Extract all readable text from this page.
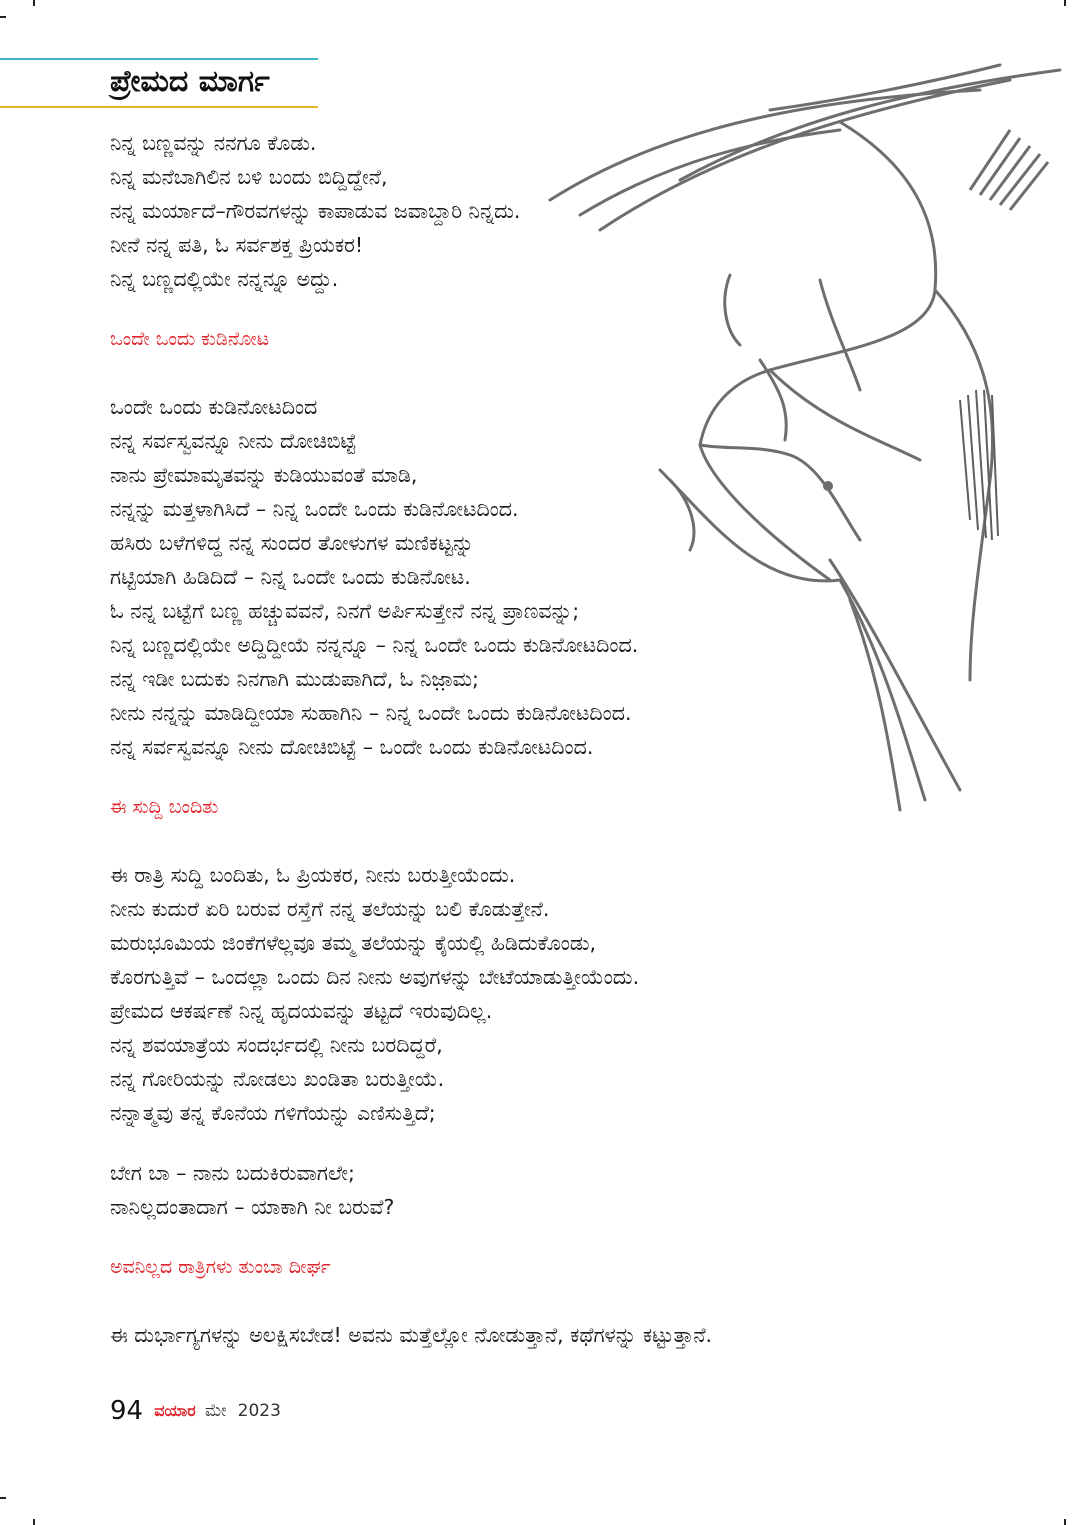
ಪ್ರೇಮದ ಮಾರ್ಗ
ನಿನ್ನ ಬಣ್ಣವನ್ನು ನನಗೂ ಕೊಡು.
ನಿನ್ನ ಮನೆಬಾಗಿಲಿನ ಬಳಿ ಬಂದು ಬಿದ್ದಿದ್ದೇನೆ,
ನನ್ನ ಮರ್ಯಾದೆ–ಗೌರವಗಳನ್ನು ಕಾಪಾಡುವ ಜವಾಬ್ದಾರಿ ನಿನ್ನದು.
ನೀನೆ ನನ್ನ ಪತಿ, ಓ ಸರ್ವಶಕ್ತ ಪ್ರಿಯಕರ!
ನಿನ್ನ ಬಣ್ಣದಲ್ಲಿಯೇ ನನ್ನನ್ನೂ ಅದ್ದು.
ಒಂದೇ ಒಂದು ಕುಡಿನೋಟ
ಒಂದೇ ಒಂದು ಕುಡಿನೋಟದಿಂದ
ನನ್ನ ಸರ್ವಸ್ವವನ್ನೂ ನೀನು ದೋಚಿಬಿಟ್ಟೆ
ನಾನು ಪ್ರೇಮಾಮೃತವನ್ನು ಕುಡಿಯುವಂತೆ ಮಾಡಿ,
ನನ್ನನ್ನು ಮತ್ತಳಾಗಿಸಿದೆ – ನಿನ್ನ ಒಂದೇ ಒಂದು ಕುಡಿನೋಟದಿಂದ.
ಹಸಿರು ಬಳೆಗಳಿದ್ದ ನನ್ನ ಸುಂದರ ತೋಳುಗಳ ಮಣಿಕಟ್ಟನ್ನು
ಗಟ್ಟಿಯಾಗಿ ಹಿಡಿದಿದೆ – ನಿನ್ನ ಒಂದೇ ಒಂದು ಕುಡಿನೋಟ.
ಓ ನನ್ನ ಬಟ್ಟೆಗೆ ಬಣ್ಣ ಹಚ್ಚುವವನೆ, ನಿನಗೆ ಅರ್ಪಿಸುತ್ತೇನೆ ನನ್ನ ಪ್ರಾಣವನ್ನು;
ನಿನ್ನ ಬಣ್ಣದಲ್ಲಿಯೇ ಅದ್ದಿದ್ದೀಯೆ ನನ್ನನ್ನೂ – ನಿನ್ನ ಒಂದೇ ಒಂದು ಕುಡಿನೋಟದಿಂದ.
ನನ್ನ ಇಡೀ ಬದುಕು ನಿನಗಾಗಿ ಮುಡುಪಾಗಿದೆ, ಓ ನಿಜ಼ಾಮ;
ನೀನು ನನ್ನನ್ನು ಮಾಡಿದ್ದೀಯಾ ಸುಹಾಗಿನಿ – ನಿನ್ನ ಒಂದೇ ಒಂದು ಕುಡಿನೋಟದಿಂದ.
ನನ್ನ ಸರ್ವಸ್ವವನ್ನೂ ನೀನು ದೋಚಿಬಿಟ್ಟೆ – ಒಂದೇ ಒಂದು ಕುಡಿನೋಟದಿಂದ.
ಈ ಸುದ್ದಿ ಬಂದಿತು
ಈ ರಾತ್ರಿ ಸುದ್ದಿ ಬಂದಿತು, ಓ ಪ್ರಿಯಕರ, ನೀನು ಬರುತ್ತೀಯೆಂದು.
ನೀನು ಕುದುರೆ ಏರಿ ಬರುವ ರಸ್ತೆಗೆ ನನ್ನ ತಲೆಯನ್ನು ಬಲಿ ಕೊಡುತ್ತೇನೆ.
ಮರುಭೂಮಿಯ ಜಿಂಕೆಗಳೆಲ್ಲವೂ ತಮ್ಮ ತಲೆಯನ್ನು ಕೈಯಲ್ಲಿ ಹಿಡಿದುಕೊಂಡು,
ಕೊರಗುತ್ತಿವೆ – ಒಂದಲ್ಲಾ ಒಂದು ದಿನ ನೀನು ಅವುಗಳನ್ನು ಬೇಟೆಯಾಡುತ್ತೀಯೆಂದು.
ಪ್ರೇಮದ ಆಕರ್ಷಣೆ ನಿನ್ನ ಹೃದಯವನ್ನು ತಟ್ಟದೆ ಇರುವುದಿಲ್ಲ.
ನನ್ನ ಶವಯಾತ್ರೆಯ ಸಂದರ್ಭದಲ್ಲಿ ನೀನು ಬರದಿದ್ದರೆ,
ನನ್ನ ಗೋರಿಯನ್ನು ನೋಡಲು ಖಂಡಿತಾ ಬರುತ್ತೀಯೆ.
ನನ್ನಾತ್ಮವು ತನ್ನ ಕೊನೆಯ ಗಳಿಗೆಯನ್ನು ಎಣಿಸುತ್ತಿದೆ;
ಬೇಗ ಬಾ – ನಾನು ಬದುಕಿರುವಾಗಲೇ;
ನಾನಿಲ್ಲದಂತಾದಾಗ – ಯಾಕಾಗಿ ನೀ ಬರುವೆ?
ಅವನಿಲ್ಲದ ರಾತ್ರಿಗಳು ತುಂಬಾ ದೀರ್ಘ
ಈ ದುರ್ಭಾಗ್ಯಗಳನ್ನು ಅಲಕ್ಷಿಸಬೇಡ! ಅವನು ಮತ್ತೆಲ್ಲೋ ನೋಡುತ್ತಾನೆ, ಕಥೆಗಳನ್ನು ಕಟ್ಟುತ್ತಾನೆ.
94 ವಯಾರ ಮೇ 2023
